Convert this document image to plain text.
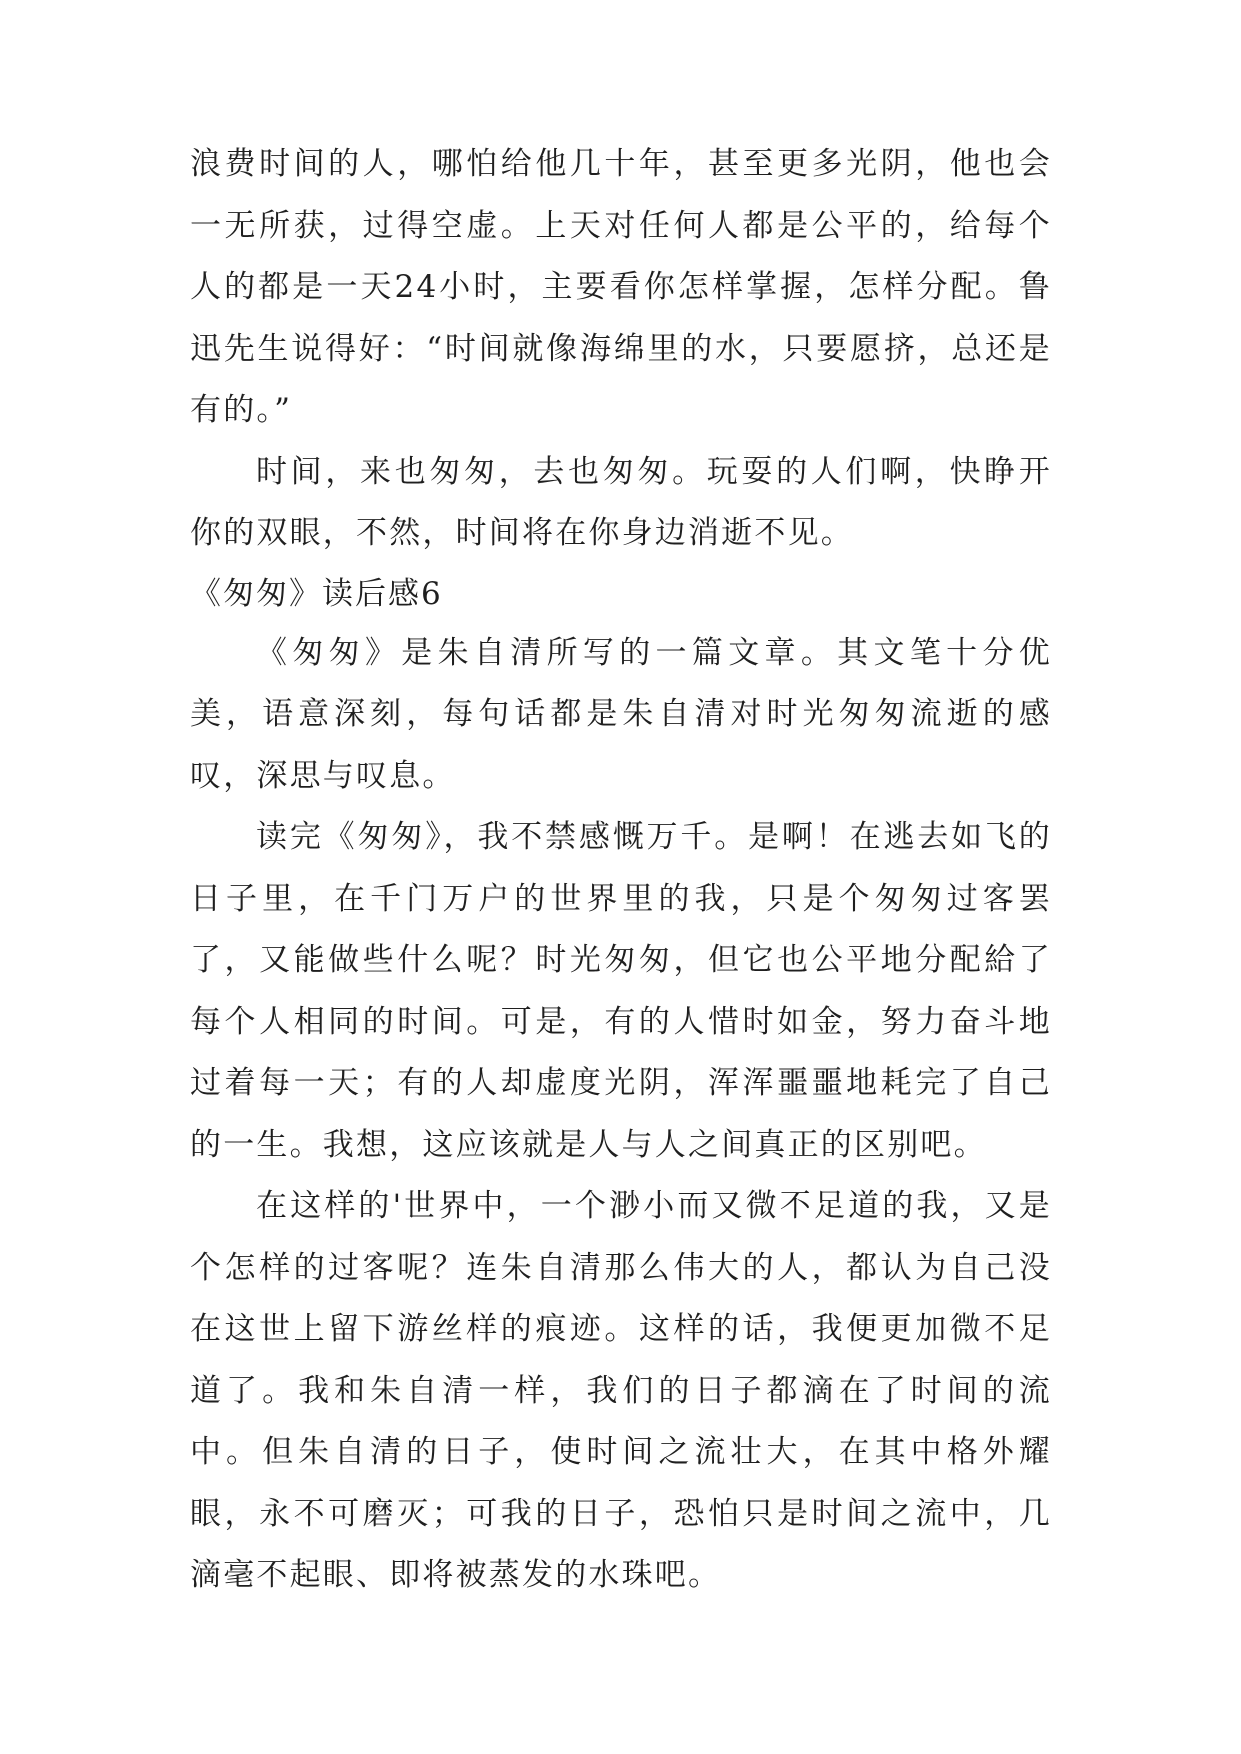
浪费时间的人，哪怕给他几十年，甚至更多光阴，他也会一无所获，过得空虚。上天对任何人都是公平的，给每个人的都是一天24小时，主要看你怎样掌握，怎样分配。鲁迅先生说得好：“时间就像海绵里的水，只要愿挤，总还是有的。”

时间，来也匆匆，去也匆匆。玩耍的人们啊，快睁开你的双眼，不然，时间将在你身边消逝不见。

《匆匆》读后感6

《匆匆》是朱自清所写的一篇文章。其文笔十分优美，语意深刻，每句话都是朱自清对时光匆匆流逝的感叹，深思与叹息。

读完《匆匆》，我不禁感慨万千。是啊！在逃去如飞的日子里，在千门万户的世界里的我，只是个匆匆过客罢了，又能做些什么呢？时光匆匆，但它也公平地分配給了每个人相同的时间。可是，有的人惜时如金，努力奋斗地过着每一天；有的人却虚度光阴，浑浑噩噩地耗完了自己的一生。我想，这应该就是人与人之间真正的区别吧。

在这样的'世界中，一个渺小而又微不足道的我，又是个怎样的过客呢？连朱自清那么伟大的人，都认为自己没在这世上留下游丝样的痕迹。这样的话，我便更加微不足道了。我和朱自清一样，我们的日子都滴在了时间的流中。但朱自清的日子，使时间之流壮大，在其中格外耀眼，永不可磨灭；可我的日子，恐怕只是时间之流中，几滴毫不起眼、即将被蒸发的水珠吧。
